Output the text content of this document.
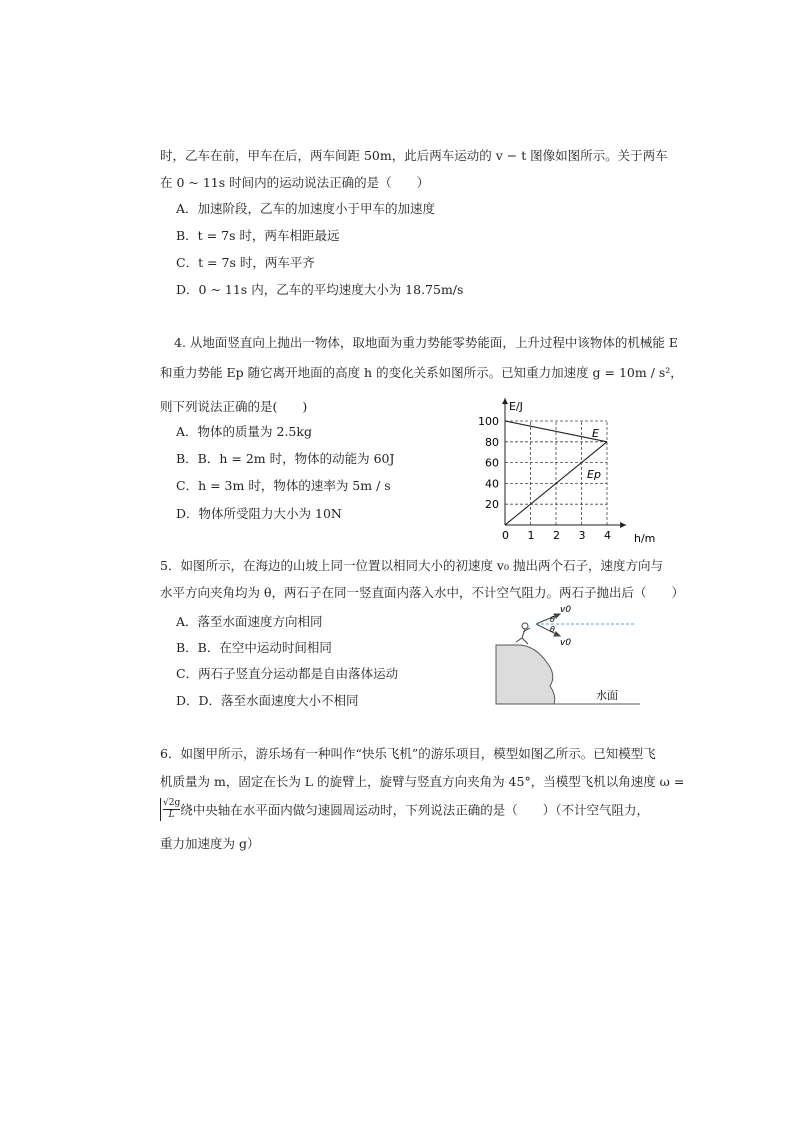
时，乙车在前，甲车在后，两车间距 50m，此后两车运动的 v − t 图像如图所示。关于两车
在 0 ~ 11s 时间内的运动说法正确的是（　　）
A．加速阶段，乙车的加速度小于甲车的加速度
B．t = 7s 时，两车相距最远
C．t = 7s 时，两车平齐
D．0 ~ 11s 内，乙车的平均速度大小为 18.75m/s
4. 从地面竖直向上抛出一物体，取地面为重力势能零势能面，上升过程中该物体的机械能 E
和重力势能 Ep 随它离开地面的高度 h 的变化关系如图所示。已知重力加速度 g = 10m / s²，
则下列说法正确的是(　　)
A．物体的质量为 2.5kg
B．B．h = 2m 时，物体的动能为 60J
C．h = 3m 时，物体的速率为 5m / s
D．物体所受阻力大小为 10N
0 1 2 3 4
20
40
60
80
100
E/J
h/m
E
Ep
5．如图所示，在海边的山坡上同一位置以相同大小的初速度 v₀ 抛出两个石子，速度方向与
水平方向夹角均为 θ，两石子在同一竖直面内落入水中，不计空气阻力。两石子抛出后（　　）
A．落至水面速度方向相同
B．B．在空中运动时间相同
C．两石子竖直分运动都是自由落体运动
D．D．落至水面速度大小不相同
v0
v0
θ
θ
水面
6．如图甲所示，游乐场有一种叫作“快乐飞机”的游乐项目，模型如图乙所示。已知模型飞
机质量为 m，固定在长为 L 的旋臂上，旋臂与竖直方向夹角为 45°，当模型飞机以角速度 ω =
$\frac{√2g}{L}$ 绕中央轴在水平面内做匀速圆周运动时，下列说法正确的是（　　）（不计空气阻力，
重力加速度为 g）
